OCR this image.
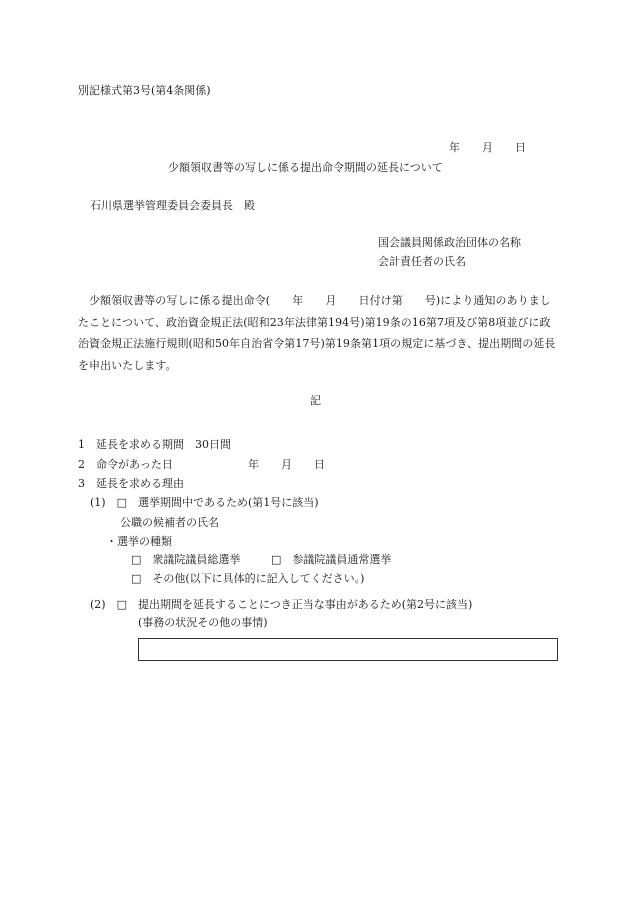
別記様式第3号(第4条関係)
年　　月　　日
少額領収書等の写しに係る提出命令期間の延長について
石川県選挙管理委員会委員長　殿
国会議員関係政治団体の名称
会計責任者の氏名
少額領収書等の写しに係る提出命令(　　年　　月　　日付け第　　号)により通知のありましたことについて、政治資金規正法(昭和23年法律第194号)第19条の16第7項及び第8項並びに政治資金規正法施行規則(昭和50年自治省令第17号)第19条第1項の規定に基づき、提出期間の延長を申出いたします。
記
1　延長を求める期間　30日間
2　命令があった日	年　　月　　日
3　延長を求める理由
(1)　□　選挙期間中であるため(第1号に該当)
公職の候補者の氏名
・選挙の種類
□　衆議院議員総選挙	□　参議院議員通常選挙
□　その他(以下に具体的に記入してください。)
(2)　□　提出期間を延長することにつき正当な事由があるため(第2号に該当)
(事務の状況その他の事情)
